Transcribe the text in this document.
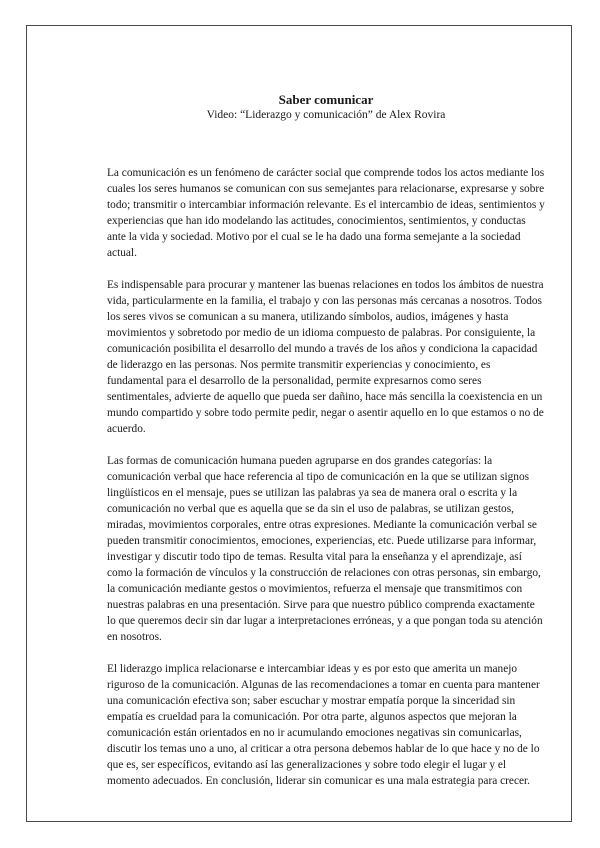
Saber comunicar

Video: “Liderazgo y comunicación” de Alex Rovira

La comunicación es un fenómeno de carácter social que comprende todos los actos mediante los cuales los seres humanos se comunican con sus semejantes para relacionarse, expresarse y sobre todo; transmitir o intercambiar información relevante. Es el intercambio de ideas, sentimientos y experiencias que han ido modelando las actitudes, conocimientos, sentimientos, y conductas ante la vida y sociedad. Motivo por el cual se le ha dado una forma semejante a la sociedad actual.

Es indispensable para procurar y mantener las buenas relaciones en todos los ámbitos de nuestra vida, particularmente en la familia, el trabajo y con las personas más cercanas a nosotros. Todos los seres vivos se comunican a su manera, utilizando símbolos, audios, imágenes y hasta movimientos y sobretodo por medio de un idioma compuesto de palabras. Por consiguiente, la comunicación posibilita el desarrollo del mundo a través de los años y condiciona la capacidad de liderazgo en las personas. Nos permite transmitir experiencias y conocimiento, es fundamental para el desarrollo de la personalidad, permite expresarnos como seres sentimentales, advierte de aquello que pueda ser dañino, hace más sencilla la coexistencia en un mundo compartido y sobre todo permite pedir, negar o asentir aquello en lo que estamos o no de acuerdo.

Las formas de comunicación humana pueden agruparse en dos grandes categorías: la comunicación verbal que hace referencia al tipo de comunicación en la que se utilizan signos lingüísticos en el mensaje, pues se utilizan las palabras ya sea de manera oral o escrita y la comunicación no verbal que es aquella que se da sin el uso de palabras, se utilizan gestos, miradas, movimientos corporales, entre otras expresiones. Mediante la comunicación verbal se pueden transmitir conocimientos, emociones, experiencias, etc. Puede utilizarse para informar, investigar y discutir todo tipo de temas. Resulta vital para la enseñanza y el aprendizaje, así como la formación de vínculos y la construcción de relaciones con otras personas, sin embargo, la comunicación mediante gestos o movimientos, refuerza el mensaje que transmitimos con nuestras palabras en una presentación. Sirve para que nuestro público comprenda exactamente lo que queremos decir sin dar lugar a interpretaciones erróneas, y a que pongan toda su atención en nosotros.

El liderazgo implica relacionarse e intercambiar ideas y es por esto que amerita un manejo riguroso de la comunicación. Algunas de las recomendaciones a tomar en cuenta para mantener una comunicación efectiva son; saber escuchar y mostrar empatía porque la sinceridad sin empatía es crueldad para la comunicación. Por otra parte, algunos aspectos que mejoran la comunicación están orientados en no ir acumulando emociones negativas sin comunicarlas, discutir los temas uno a uno, al criticar a otra persona debemos hablar de lo que hace y no de lo que es, ser específicos, evitando así las generalizaciones y sobre todo elegir el lugar y el momento adecuados. En conclusión, liderar sin comunicar es una mala estrategia para crecer.
